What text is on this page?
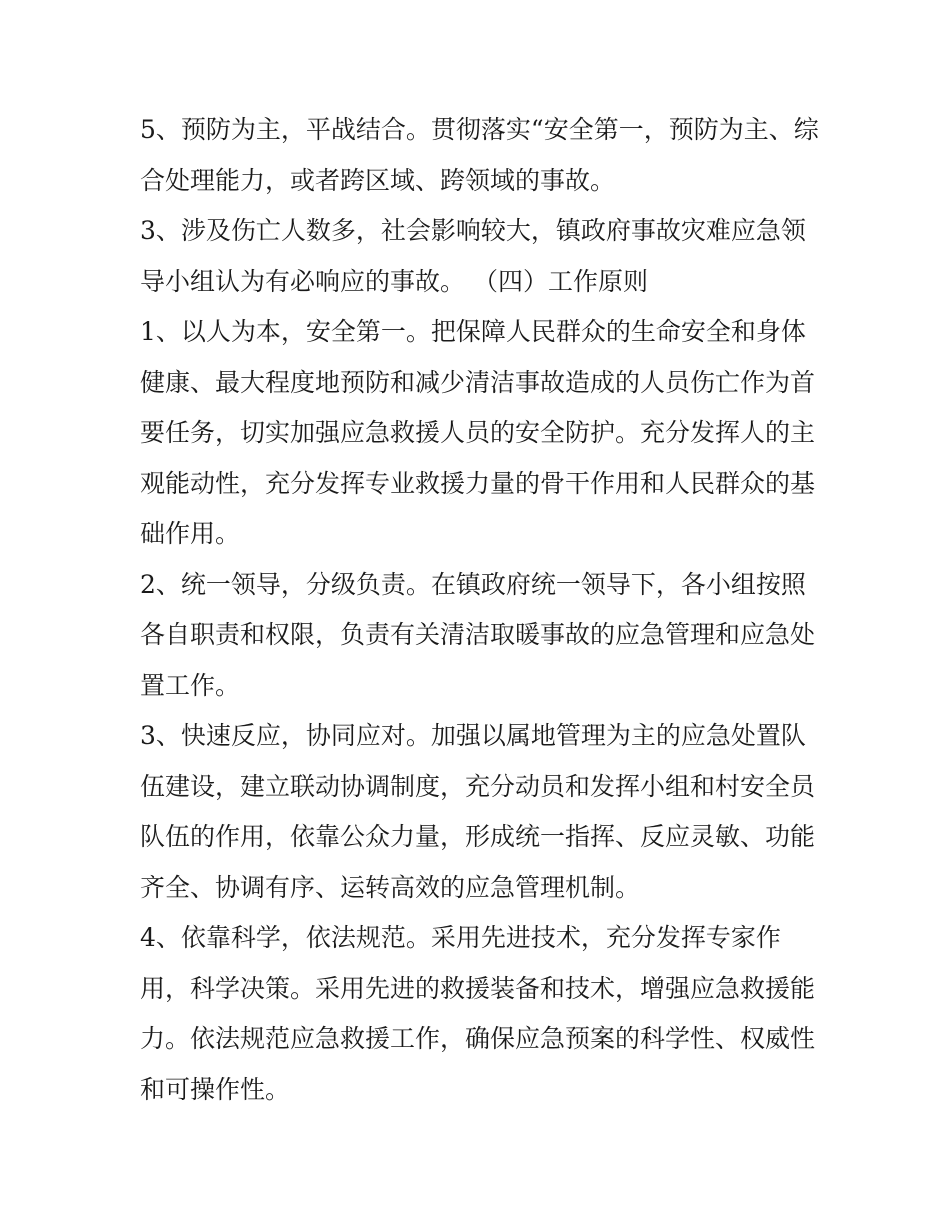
5、预防为主，平战结合。贯彻落实“安全第一，预防为主、综
合处理能力，或者跨区域、跨领域的事故。
3、涉及伤亡人数多，社会影响较大，镇政府事故灾难应急领
导小组认为有必响应的事故。 （四）工作原则
1、以人为本，安全第一。把保障人民群众的生命安全和身体
健康、最大程度地预防和减少清洁事故造成的人员伤亡作为首
要任务，切实加强应急救援人员的安全防护。充分发挥人的主
观能动性，充分发挥专业救援力量的骨干作用和人民群众的基
础作用。
2、统一领导，分级负责。在镇政府统一领导下，各小组按照
各自职责和权限，负责有关清洁取暖事故的应急管理和应急处
置工作。
3、快速反应，协同应对。加强以属地管理为主的应急处置队
伍建设，建立联动协调制度，充分动员和发挥小组和村安全员
队伍的作用，依靠公众力量，形成统一指挥、反应灵敏、功能
齐全、协调有序、运转高效的应急管理机制。
4、依靠科学，依法规范。采用先进技术，充分发挥专家作
用，科学决策。采用先进的救援装备和技术，增强应急救援能
力。依法规范应急救援工作，确保应急预案的科学性、权威性
和可操作性。
